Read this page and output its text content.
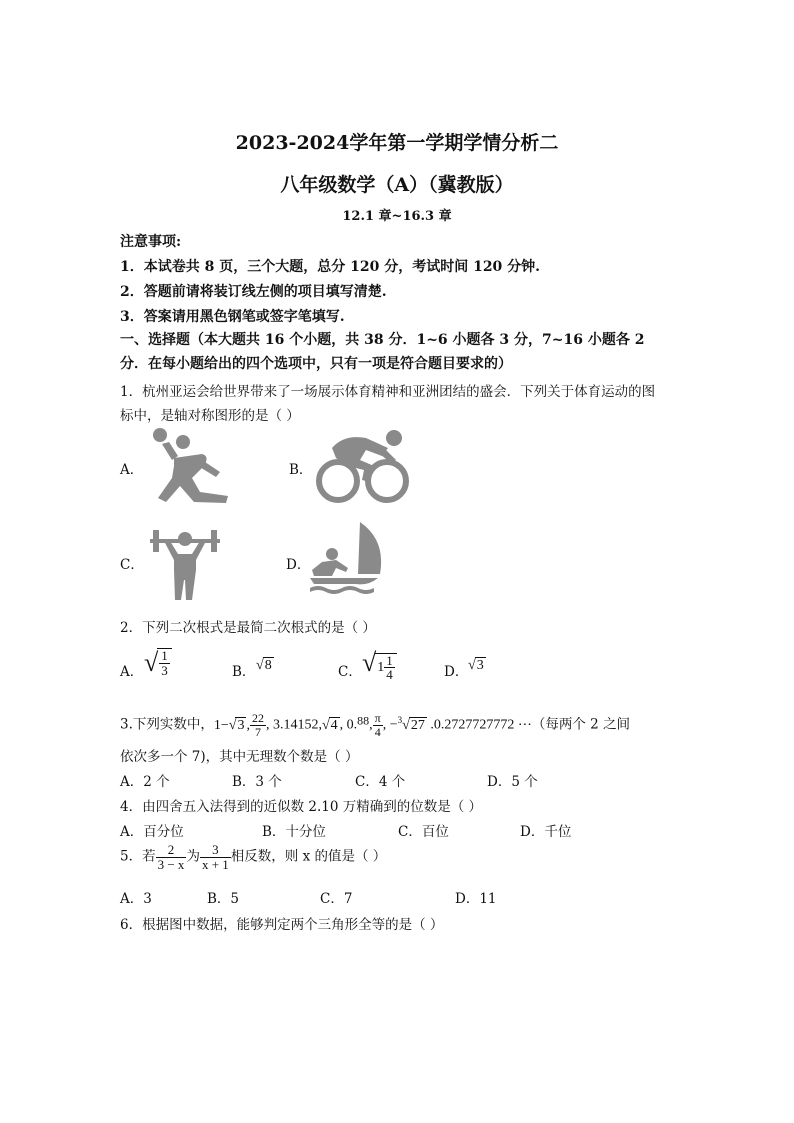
2023-2024学年第一学期学情分析二
八年级数学（A）（冀教版）
12.1 章~16.3 章
注意事项:
1．本试卷共 8 页，三个大题，总分 120 分，考试时间 120 分钟.
2．答题前请将装订线左侧的项目填写清楚.
3．答案请用黑色钢笔或签字笔填写.
一、选择题（本大题共 16 个小题，共 38 分．1~6 小题各 3 分，7~16 小题各 2
分．在每小题给出的四个选项中，只有一项是符合题目要求的）
1．杭州亚运会给世界带来了一场展示体育精神和亚洲团结的盛会．下列关于体育运动的图
标中，是轴对称图形的是（ ）
A．	B．
C．	D．
2．下列二次根式是最简二次根式的是（ ）
A． √ $\frac{1}{3}$	B． √8	C． $√1 \frac{1}{4}$	D． √3
3.下列实数中，1−√3 , $\frac{22}{7}$ , 3.14152,√4 , 0.88, $\frac{\pi}{4}$ , −$^3$√27 .0.2727727772 ⋯（每两个 2 之间
依次多一个 7)，其中无理数个数是（ ）
A．2 个	B．3 个	C．4 个	D．5 个
4．由四舍五入法得到的近似数 2.10 万精确到的位数是（ ）
A．百分位	B．十分位	C．百位	D．千位
5．若 $\frac{2}{3 - x}$ 为 $\frac{3}{x + 1}$ 相反数，则 x 的值是（ ）
A．3	B．5	C．7	D．11
6．根据图中数据，能够判定两个三角形全等的是（ ）
